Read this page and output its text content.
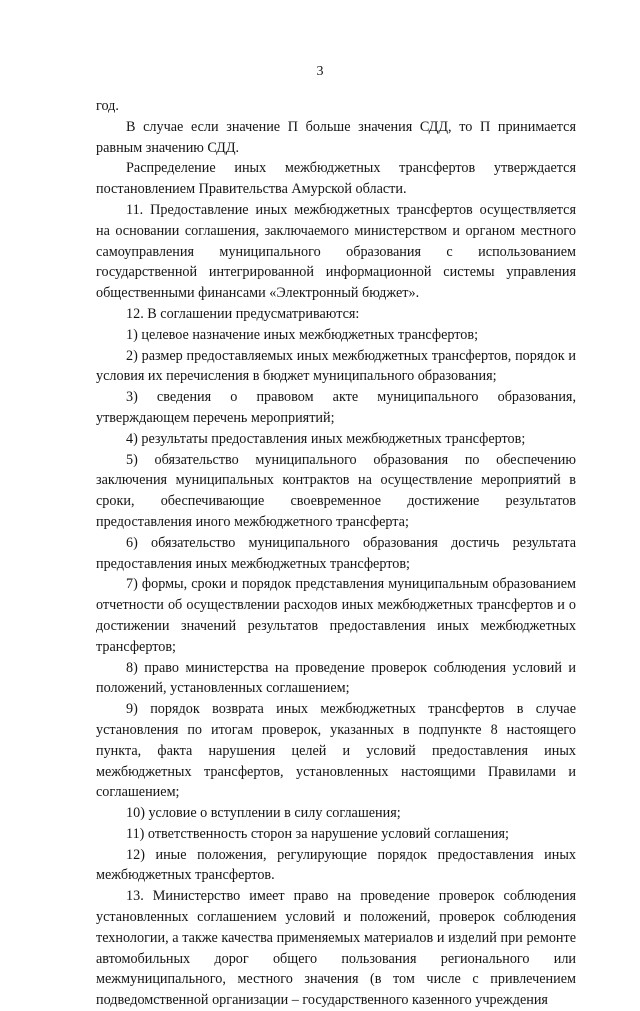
3

год.

В случае если значение П больше значения СДД, то П принимается равным значению СДД.

Распределение иных межбюджетных трансфертов утверждается постановлением Правительства Амурской области.

11. Предоставление иных межбюджетных трансфертов осуществляется на основании соглашения, заключаемого министерством и органом местного самоуправления муниципального образования с использованием государственной интегрированной информационной системы управления общественными финансами «Электронный бюджет».

12. В соглашении предусматриваются:

1) целевое назначение иных межбюджетных трансфертов;

2) размер предоставляемых иных межбюджетных трансфертов, порядок и условия их перечисления в бюджет муниципального образования;

3) сведения о правовом акте муниципального образования, утверждающем перечень мероприятий;

4) результаты предоставления иных межбюджетных трансфертов;

5) обязательство муниципального образования по обеспечению заключения муниципальных контрактов на осуществление мероприятий в сроки, обеспечивающие своевременное достижение результатов предоставления иного межбюджетного трансферта;

6) обязательство муниципального образования достичь результата предоставления иных межбюджетных трансфертов;

7) формы, сроки и порядок представления муниципальным образованием отчетности об осуществлении расходов иных межбюджетных трансфертов и о достижении значений результатов предоставления иных межбюджетных трансфертов;

8) право министерства на проведение проверок соблюдения условий и положений, установленных соглашением;

9) порядок возврата иных межбюджетных трансфертов в случае установления по итогам проверок, указанных в подпункте 8 настоящего пункта, факта нарушения целей и условий предоставления иных межбюджетных трансфертов, установленных настоящими Правилами и соглашением;

10) условие о вступлении в силу соглашения;

11) ответственность сторон за нарушение условий соглашения;

12) иные положения, регулирующие порядок предоставления иных межбюджетных трансфертов.

13. Министерство имеет право на проведение проверок соблюдения установленных соглашением условий и положений, проверок соблюдения технологии, а также качества применяемых материалов и изделий при ремонте автомобильных дорог общего пользования регионального или межмуниципального, местного значения (в том числе с привлечением подведомственной организации – государственного казенного учреждения
